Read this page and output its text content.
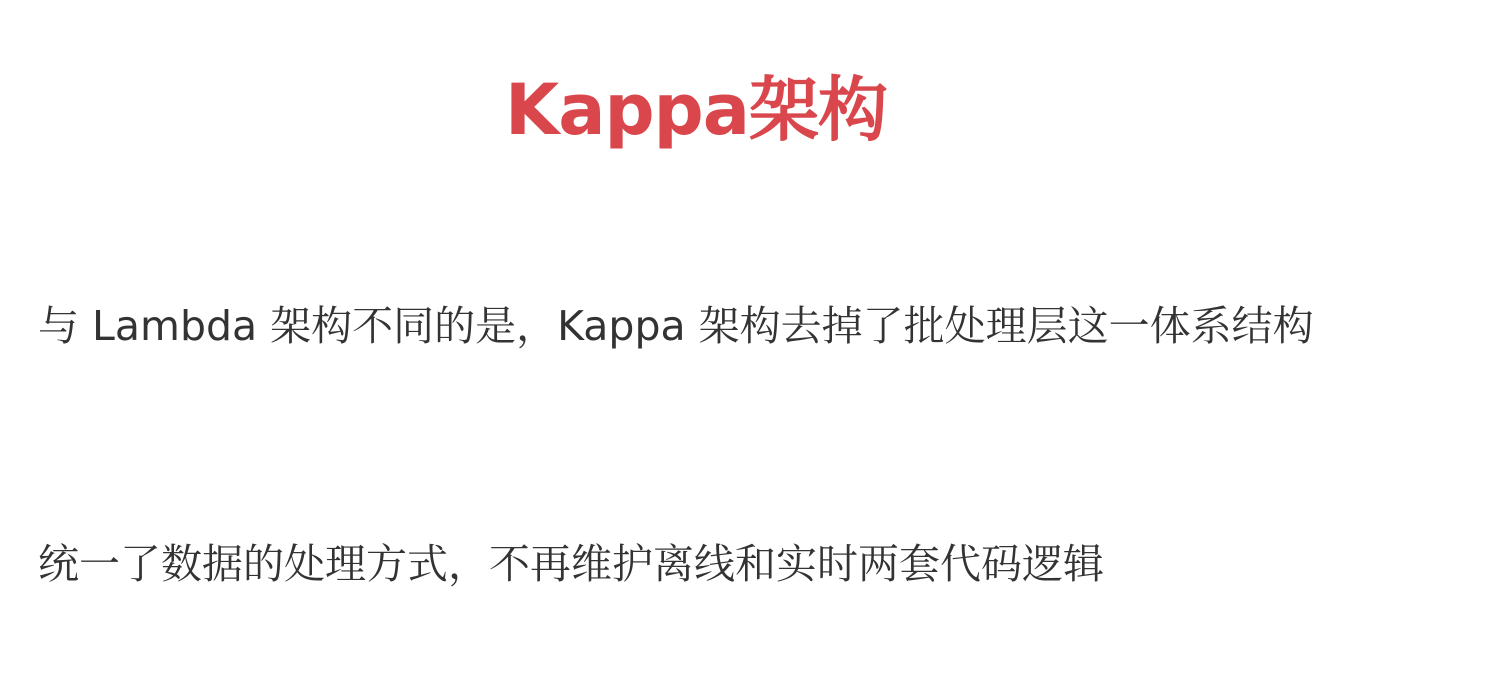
Kappa架构

与 Lambda 架构不同的是，Kappa 架构去掉了批处理层这一体系结构

统一了数据的处理方式，不再维护离线和实时两套代码逻辑
